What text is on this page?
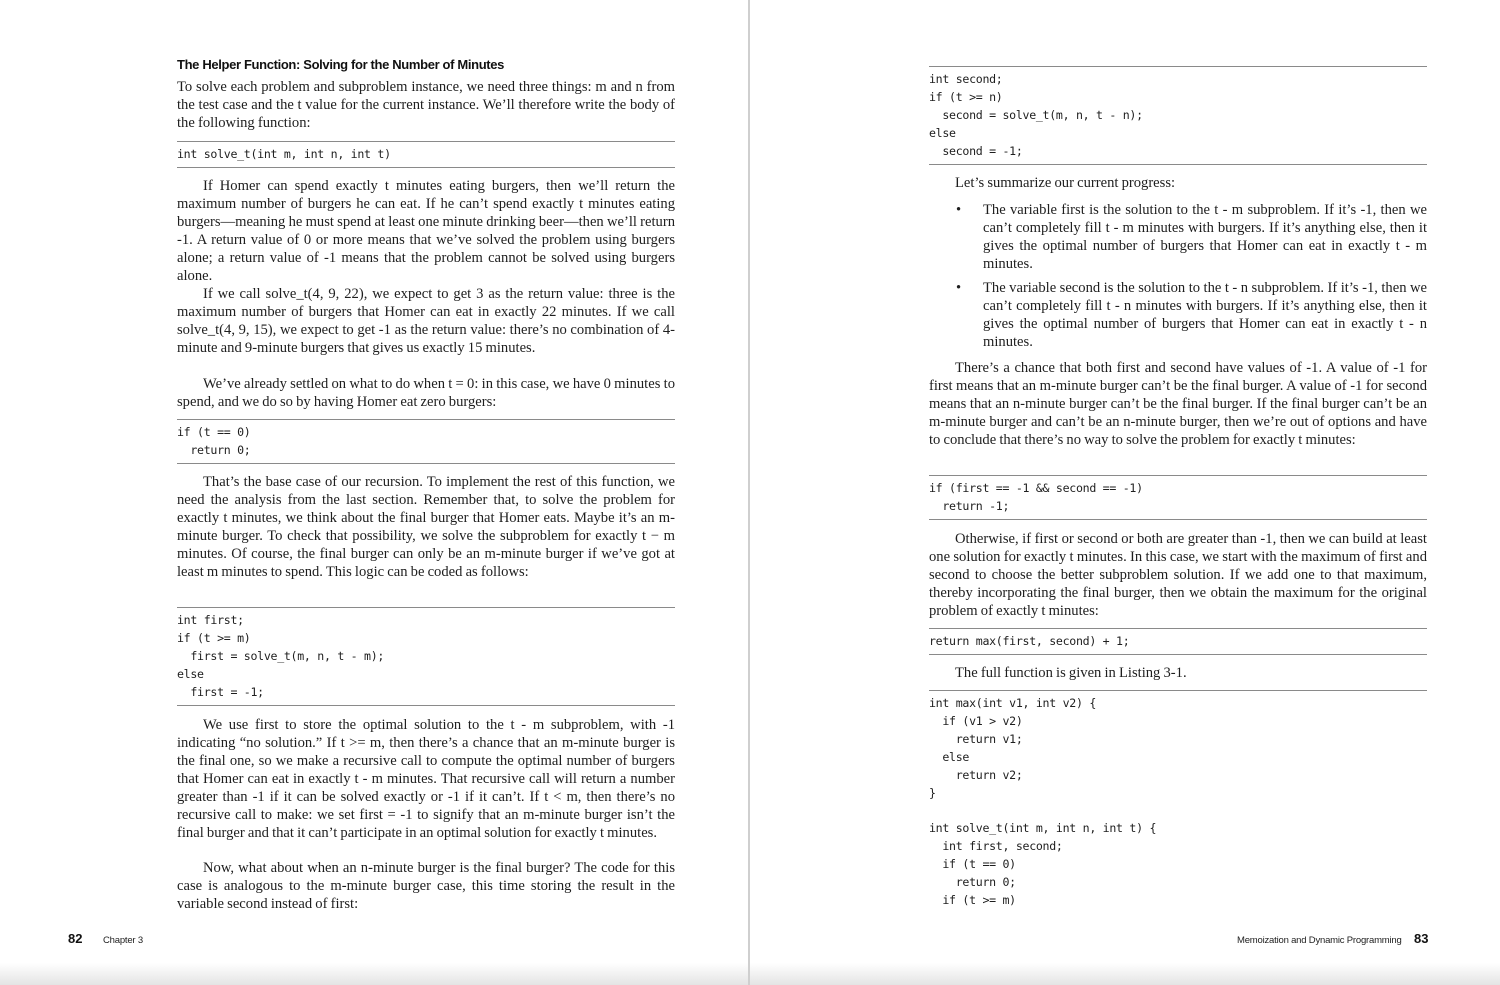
The Helper Function: Solving for the Number of Minutes
To solve each problem and subproblem instance, we need three things: m and n from the test case and the t value for the current instance. We’ll therefore write the body of the following function:
int solve_t(int m, int n, int t)
If Homer can spend exactly t minutes eating burgers, then we’ll return the maximum number of burgers he can eat. If he can’t spend exactly t minutes eating burgers—meaning he must spend at least one minute drinking beer—then we’ll return -1. A return value of 0 or more means that we’ve solved the problem using burgers alone; a return value of -1 means that the problem cannot be solved using burgers alone.
If we call solve_t(4, 9, 22), we expect to get 3 as the return value: three is the maximum number of burgers that Homer can eat in exactly 22 minutes. If we call solve_t(4, 9, 15), we expect to get -1 as the return value: there’s no combination of 4-minute and 9-minute burgers that gives us exactly 15 minutes.
We’ve already settled on what to do when t = 0: in this case, we have 0 minutes to spend, and we do so by having Homer eat zero burgers:
if (t == 0)
return 0;
That’s the base case of our recursion. To implement the rest of this function, we need the analysis from the last section. Remember that, to solve the problem for exactly t minutes, we think about the final burger that Homer eats. Maybe it’s an m-minute burger. To check that possibility, we solve the subproblem for exactly t − m minutes. Of course, the final burger can only be an m-minute burger if we’ve got at least m minutes to spend. This logic can be coded as follows:
int first;
if (t >= m)
first = solve_t(m, n, t - m);
else
first = -1;
We use first to store the optimal solution to the t - m subproblem, with -1 indicating “no solution.” If t >= m, then there’s a chance that an m-minute burger is the final one, so we make a recursive call to compute the optimal number of burgers that Homer can eat in exactly t - m minutes. That recursive call will return a number greater than -1 if it can be solved exactly or -1 if it can’t. If t < m, then there’s no recursive call to make: we set first = -1 to signify that an m-minute burger isn’t the final burger and that it can’t participate in an optimal solution for exactly t minutes.
Now, what about when an n-minute burger is the final burger? The code for this case is analogous to the m-minute burger case, this time storing the result in the variable second instead of first:
82 Chapter 3
int second;
if (t >= n)
second = solve_t(m, n, t - n);
else
second = -1;
Let’s summarize our current progress:
• The variable first is the solution to the t - m subproblem. If it’s -1, then we can’t completely fill t - m minutes with burgers. If it’s anything else, then it gives the optimal number of burgers that Homer can eat in exactly t - m minutes.
• The variable second is the solution to the t - n subproblem. If it’s -1, then we can’t completely fill t - n minutes with burgers. If it’s anything else, then it gives the optimal number of burgers that Homer can eat in exactly t - n minutes.
There’s a chance that both first and second have values of -1. A value of -1 for first means that an m-minute burger can’t be the final burger. A value of -1 for second means that an n-minute burger can’t be the final burger. If the final burger can’t be an m-minute burger and can’t be an n-minute burger, then we’re out of options and have to conclude that there’s no way to solve the problem for exactly t minutes:
if (first == -1 && second == -1)
return -1;
Otherwise, if first or second or both are greater than -1, then we can build at least one solution for exactly t minutes. In this case, we start with the maximum of first and second to choose the better subproblem solution. If we add one to that maximum, thereby incorporating the final burger, then we obtain the maximum for the original problem of exactly t minutes:
return max(first, second) + 1;
The full function is given in Listing 3-1.
int max(int v1, int v2) {
if (v1 > v2)
return v1;
else
return v2;
}

int solve_t(int m, int n, int t) {
int first, second;
if (t == 0)
return 0;
if (t >= m)
Memoization and Dynamic Programming 83
